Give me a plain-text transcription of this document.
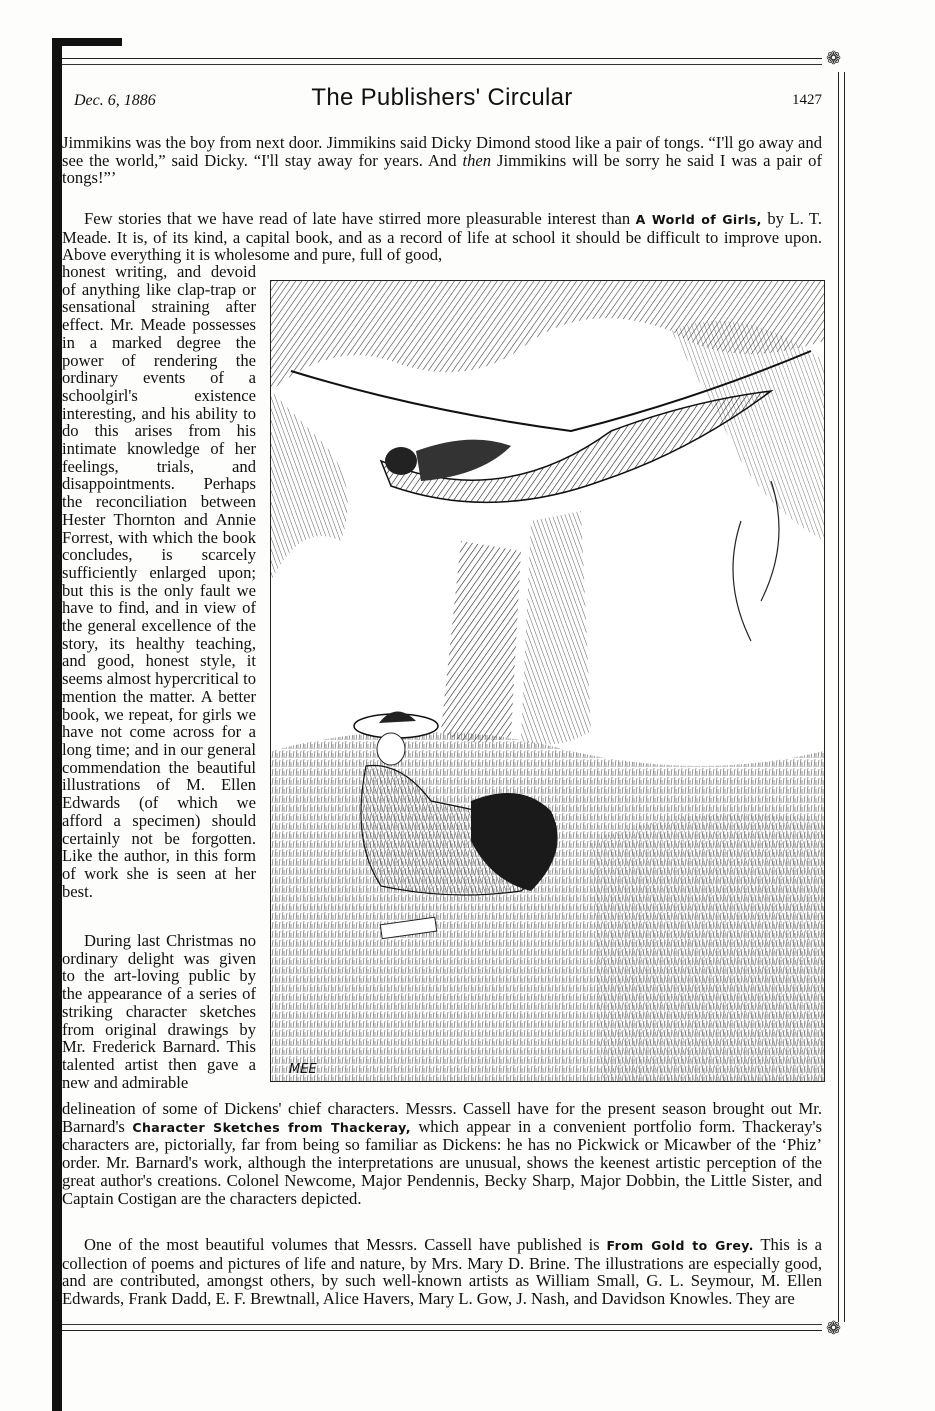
❁
Dec. 6, 1886	The Publishers' Circular	1427

Jimmikins was the boy from next door. Jimmikins said Dicky Dimond stood like a pair of tongs. “I'll go away and see the world,” said Dicky. “I'll stay away for years. And then Jimmikins will be sorry he said I was a pair of tongs!”’

Few stories that we have read of late have stirred more pleasurable interest than A World of Girls, by L. T. Meade. It is, of its kind, a capital book, and as a record of life at school it should be difficult to improve upon. Above everything it is wholesome and pure, full of good,

honest writing, and devoid of anything like clap-trap or sensational straining after effect. Mr. Meade possesses in a marked degree the power of rendering the ordinary events of a schoolgirl's existence interesting, and his ability to do this arises from his intimate knowledge of her feelings, trials, and disappointments. Perhaps the reconciliation between Hester Thornton and Annie Forrest, with which the book concludes, is scarcely sufficiently enlarged upon; but this is the only fault we have to find, and in view of the general excellence of the story, its healthy teaching, and good, honest style, it seems almost hypercritical to mention the matter. A better book, we repeat, for girls we have not come across for a long time; and in our general commendation the beautiful illustrations of M. Ellen Edwards (of which we afford a specimen) should certainly not be forgotten. Like the author, in this form of work she is seen at her best.

During last Christmas no ordinary delight was given to the art-loving public by the appearance of a series of striking character sketches from original drawings by Mr. Frederick Barnard. This talented artist then gave a new and admirable

MEE

delineation of some of Dickens' chief characters. Messrs. Cassell have for the present season brought out Mr. Barnard's Character Sketches from Thackeray, which appear in a convenient portfolio form. Thackeray's characters are, pictorially, far from being so familiar as Dickens: he has no Pickwick or Micawber of the ‘Phiz’ order. Mr. Barnard's work, although the interpretations are unusual, shows the keenest artistic perception of the great author's creations. Colonel Newcome, Major Pendennis, Becky Sharp, Major Dobbin, the Little Sister, and Captain Costigan are the characters depicted.

One of the most beautiful volumes that Messrs. Cassell have published is From Gold to Grey. This is a collection of poems and pictures of life and nature, by Mrs. Mary D. Brine. The illustrations are especially good, and are contributed, amongst others, by such well-known artists as William Small, G. L. Seymour, M. Ellen Edwards, Frank Dadd, E. F. Brewtnall, Alice Havers, Mary L. Gow, J. Nash, and Davidson Knowles. They are

❁
